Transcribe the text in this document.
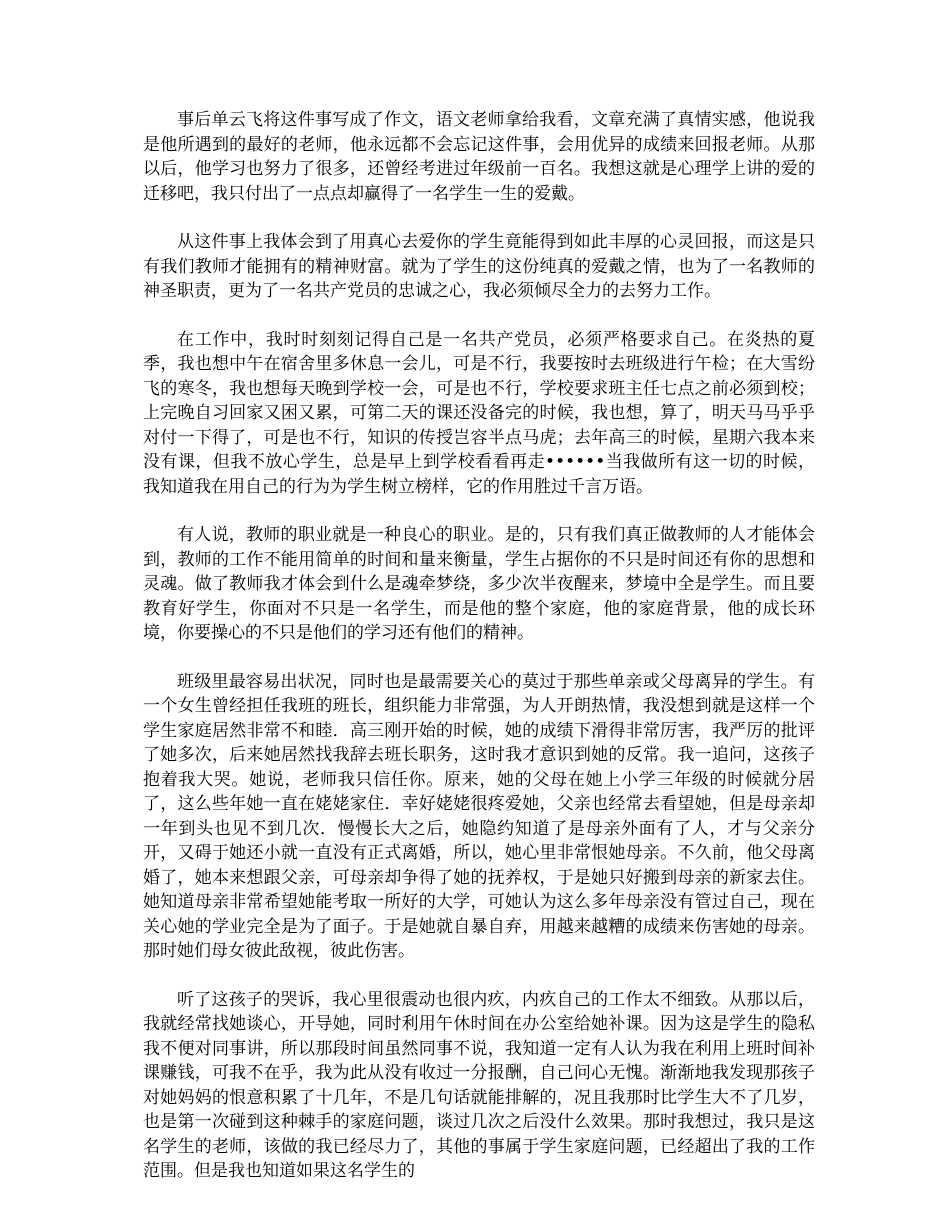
事后单云飞将这件事写成了作文，语文老师拿给我看，文章充满了真情实感，他说我是他所遇到的最好的老师，他永远都不会忘记这件事，会用优异的成绩来回报老师。从那以后，他学习也努力了很多，还曾经考进过年级前一百名。我想这就是心理学上讲的爱的迁移吧，我只付出了一点点却赢得了一名学生一生的爱戴。

从这件事上我体会到了用真心去爱你的学生竟能得到如此丰厚的心灵回报，而这是只有我们教师才能拥有的精神财富。就为了学生的这份纯真的爱戴之情，也为了一名教师的神圣职责，更为了一名共产党员的忠诚之心，我必须倾尽全力的去努力工作。

在工作中，我时时刻刻记得自己是一名共产党员，必须严格要求自己。在炎热的夏季，我也想中午在宿舍里多休息一会儿，可是不行，我要按时去班级进行午检；在大雪纷飞的寒冬，我也想每天晚到学校一会，可是也不行，学校要求班主任七点之前必须到校；上完晚自习回家又困又累，可第二天的课还没备完的时候，我也想，算了，明天马马乎乎对付一下得了，可是也不行，知识的传授岂容半点马虎；去年高三的时候，星期六我本来没有课，但我不放心学生，总是早上到学校看看再走••••••当我做所有这一切的时候，我知道我在用自己的行为为学生树立榜样，它的作用胜过千言万语。

有人说，教师的职业就是一种良心的职业。是的，只有我们真正做教师的人才能体会到，教师的工作不能用简单的时间和量来衡量，学生占据你的不只是时间还有你的思想和灵魂。做了教师我才体会到什么是魂牵梦绕，多少次半夜醒来，梦境中全是学生。而且要教育好学生，你面对不只是一名学生，而是他的整个家庭，他的家庭背景，他的成长环境，你要操心的不只是他们的学习还有他们的精神。

班级里最容易出状况，同时也是最需要关心的莫过于那些单亲或父母离异的学生。有一个女生曾经担任我班的班长，组织能力非常强，为人开朗热情，我没想到就是这样一个学生家庭居然非常不和睦．高三刚开始的时候，她的成绩下滑得非常厉害，我严厉的批评了她多次，后来她居然找我辞去班长职务，这时我才意识到她的反常。我一追问，这孩子抱着我大哭。她说，老师我只信任你。原来，她的父母在她上小学三年级的时候就分居了，这么些年她一直在姥姥家住．幸好姥姥很疼爱她，父亲也经常去看望她，但是母亲却一年到头也见不到几次．慢慢长大之后，她隐约知道了是母亲外面有了人，才与父亲分开，又碍于她还小就一直没有正式离婚，所以，她心里非常恨她母亲。不久前，他父母离婚了，她本来想跟父亲，可母亲却争得了她的抚养权，于是她只好搬到母亲的新家去住。她知道母亲非常希望她能考取一所好的大学，可她认为这么多年母亲没有管过自己，现在关心她的学业完全是为了面子。于是她就自暴自弃，用越来越糟的成绩来伤害她的母亲。那时她们母女彼此敌视，彼此伤害。

听了这孩子的哭诉，我心里很震动也很内疚，内疚自己的工作太不细致。从那以后，我就经常找她谈心，开导她，同时利用午休时间在办公室给她补课。因为这是学生的隐私我不便对同事讲，所以那段时间虽然同事不说，我知道一定有人认为我在利用上班时间补课赚钱，可我不在乎，我为此从没有收过一分报酬，自己问心无愧。渐渐地我发现那孩子对她妈妈的恨意积累了十几年，不是几句话就能排解的，况且我那时比学生大不了几岁，也是第一次碰到这种棘手的家庭问题，谈过几次之后没什么效果。那时我想过，我只是这名学生的老师，该做的我已经尽力了，其他的事属于学生家庭问题，已经超出了我的工作范围。但是我也知道如果这名学生的
